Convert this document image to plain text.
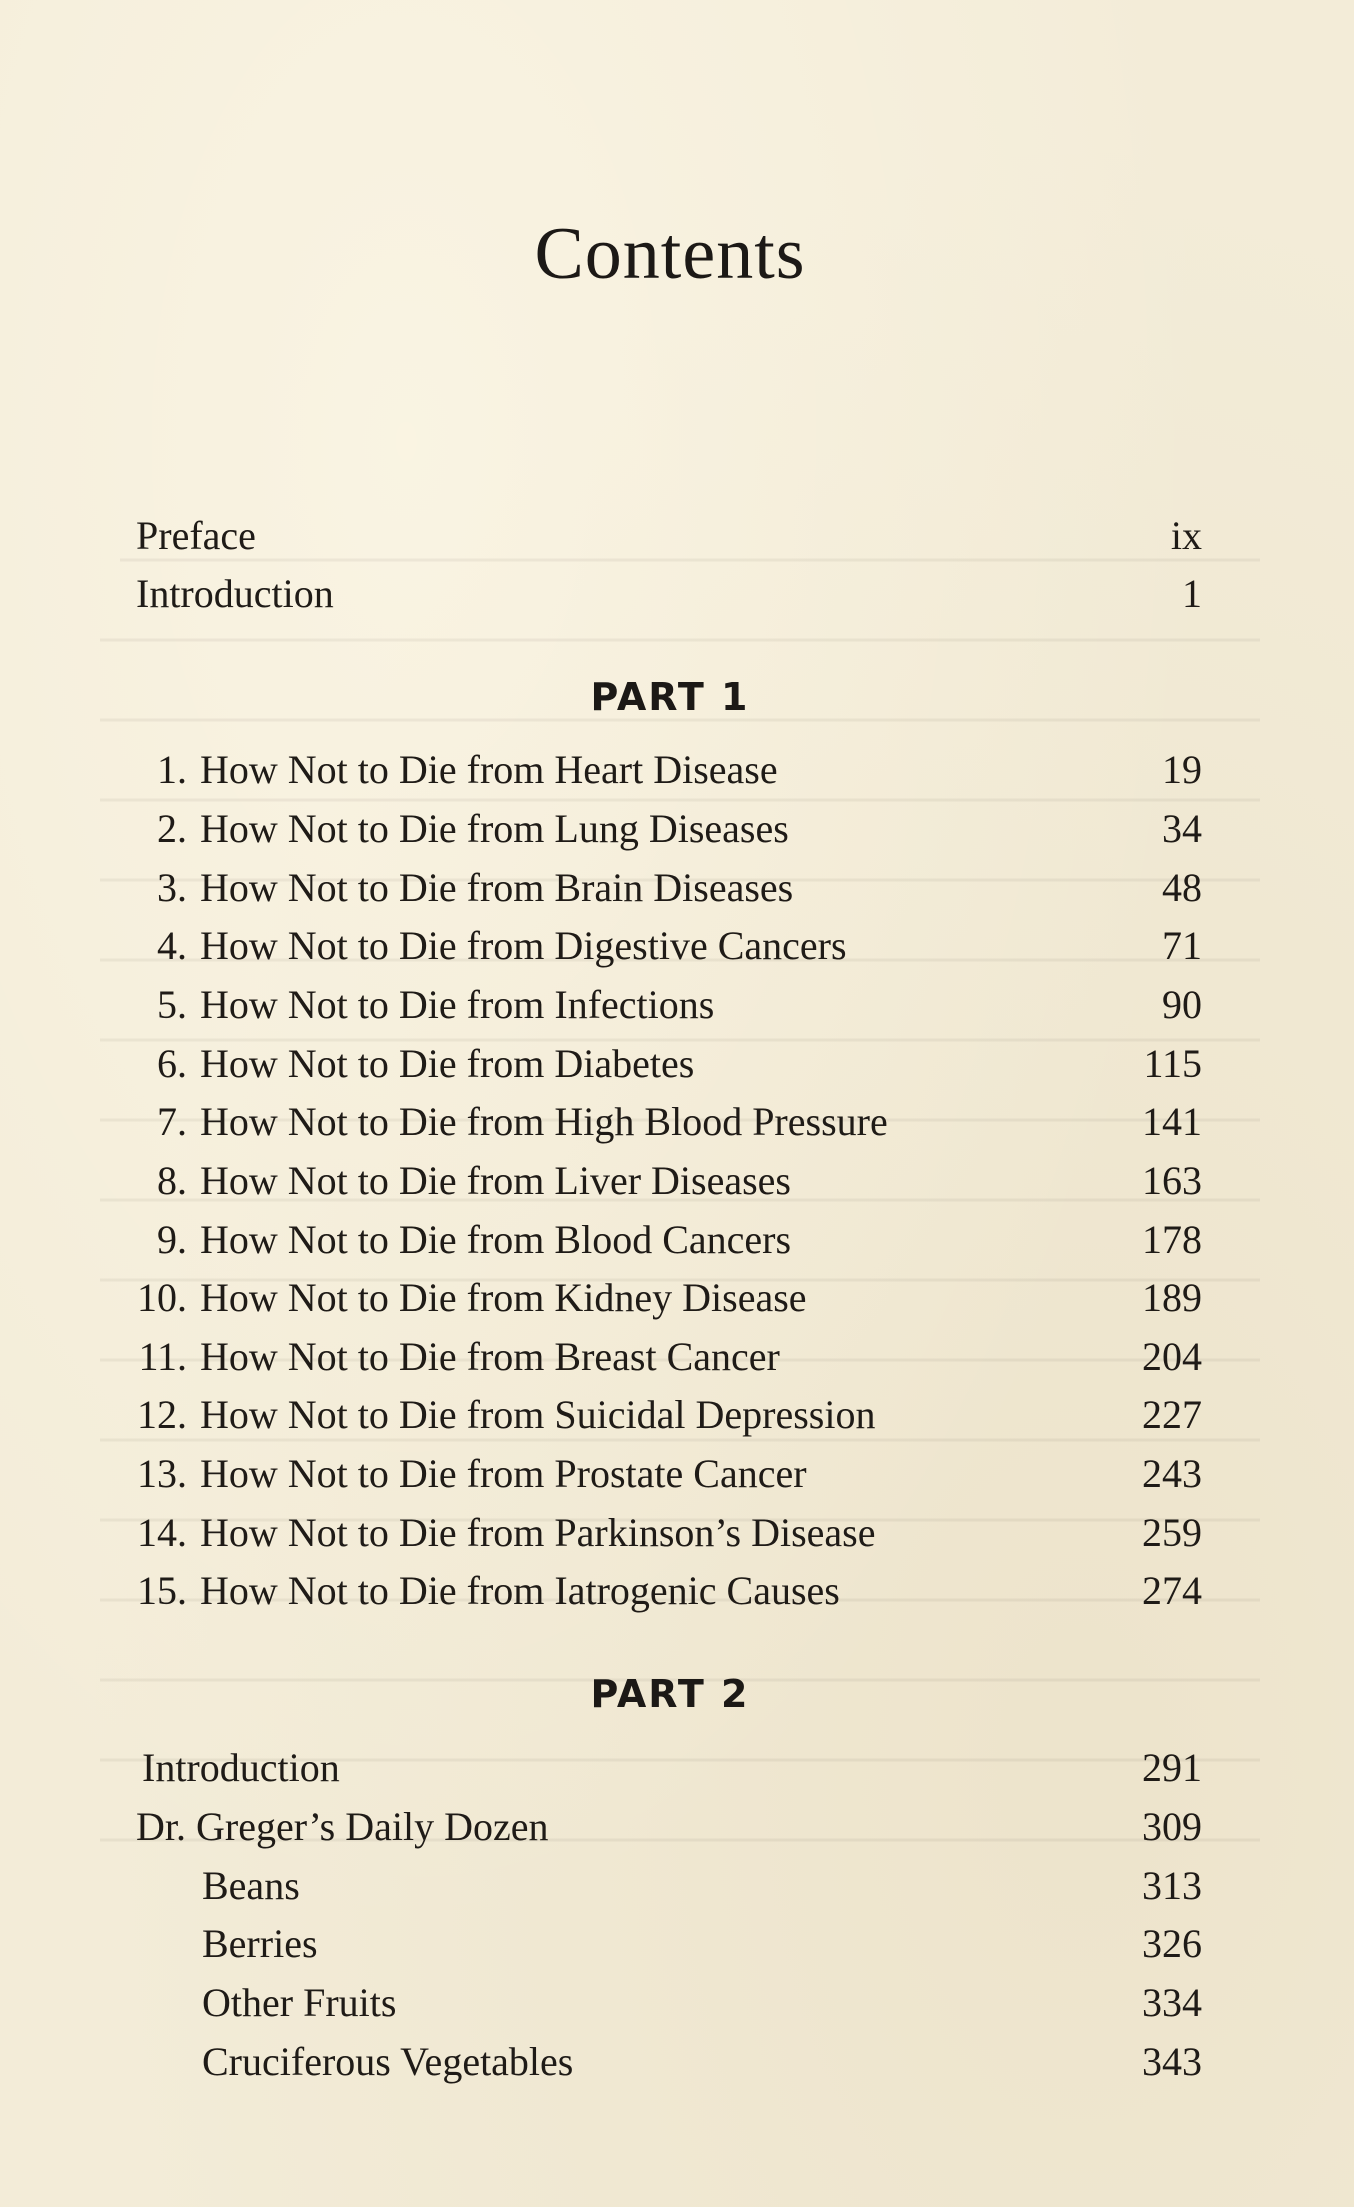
Contents
Preface	ix
Introduction	1
PART 1
1. How Not to Die from Heart Disease	19
2. How Not to Die from Lung Diseases	34
3. How Not to Die from Brain Diseases	48
4. How Not to Die from Digestive Cancers	71
5. How Not to Die from Infections	90
6. How Not to Die from Diabetes	115
7. How Not to Die from High Blood Pressure	141
8. How Not to Die from Liver Diseases	163
9. How Not to Die from Blood Cancers	178
10. How Not to Die from Kidney Disease	189
11. How Not to Die from Breast Cancer	204
12. How Not to Die from Suicidal Depression	227
13. How Not to Die from Prostate Cancer	243
14. How Not to Die from Parkinson’s Disease	259
15. How Not to Die from Iatrogenic Causes	274
PART 2
Introduction	291
Dr. Greger’s Daily Dozen	309
Beans	313
Berries	326
Other Fruits	334
Cruciferous Vegetables	343
